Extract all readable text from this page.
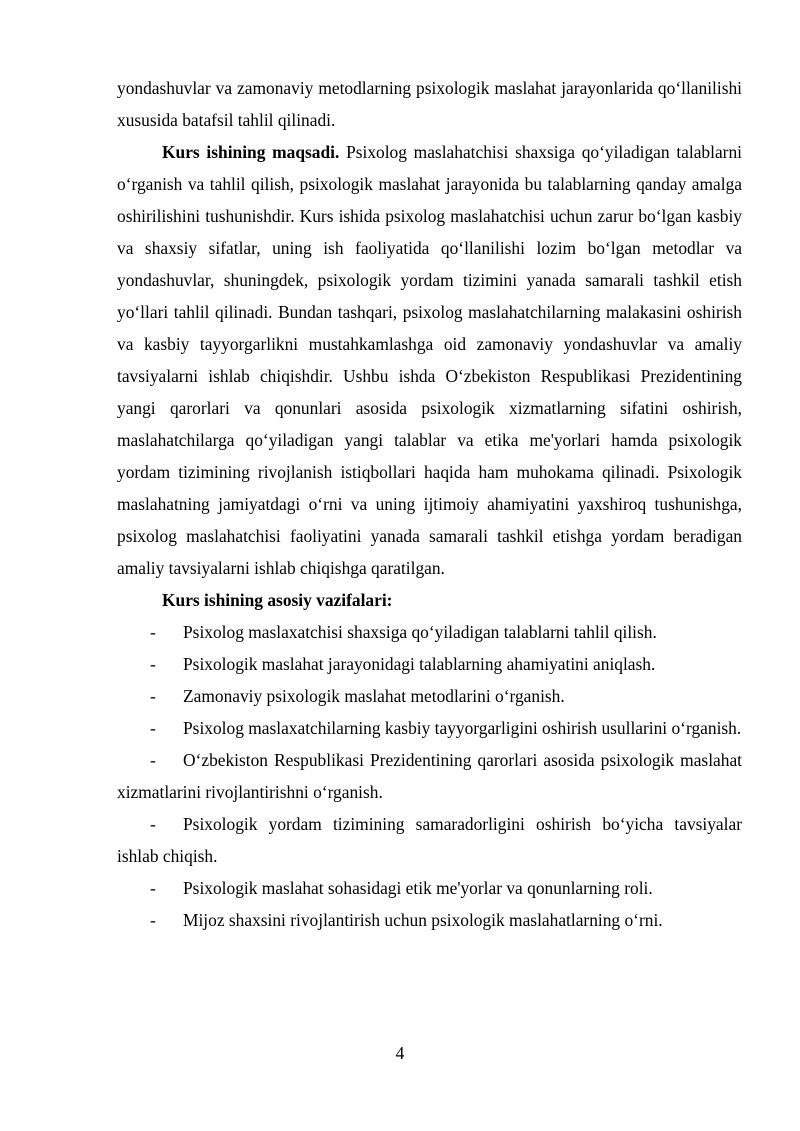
yondashuvlar va zamonaviy metodlarning psixologik maslahat jarayonlarida qo‘llanilishi xususida batafsil tahlil qilinadi.

Kurs ishining maqsadi. Psixolog maslahatchisi shaxsiga qo‘yiladigan talablarni o‘rganish va tahlil qilish, psixologik maslahat jarayonida bu talablarning qanday amalga oshirilishini tushunishdir. Kurs ishida psixolog maslahatchisi uchun zarur bo‘lgan kasbiy va shaxsiy sifatlar, uning ish faoliyatida qo‘llanilishi lozim bo‘lgan metodlar va yondashuvlar, shuningdek, psixologik yordam tizimini yanada samarali tashkil etish yo‘llari tahlil qilinadi. Bundan tashqari, psixolog maslahatchilarning malakasini oshirish va kasbiy tayyorgarlikni mustahkamlashga oid zamonaviy yondashuvlar va amaliy tavsiyalarni ishlab chiqishdir. Ushbu ishda O‘zbekiston Respublikasi Prezidentining yangi qarorlari va qonunlari asosida psixologik xizmatlarning sifatini oshirish, maslahatchilarga qo‘yiladigan yangi talablar va etika me'yorlari hamda psixologik yordam tizimining rivojlanish istiqbollari haqida ham muhokama qilinadi. Psixologik maslahatning jamiyatdagi o‘rni va uning ijtimoiy ahamiyatini yaxshiroq tushunishga, psixolog maslahatchisi faoliyatini yanada samarali tashkil etishga yordam beradigan amaliy tavsiyalarni ishlab chiqishga qaratilgan.

Kurs ishining asosiy vazifalari:

- Psixolog maslaxatchisi shaxsiga qo‘yiladigan talablarni tahlil qilish.
- Psixologik maslahat jarayonidagi talablarning ahamiyatini aniqlash.
- Zamonaviy psixologik maslahat metodlarini o‘rganish.
- Psixolog maslaxatchilarning kasbiy tayyorgarligini oshirish usullarini o‘rganish.
- O‘zbekiston Respublikasi Prezidentining qarorlari asosida psixologik maslahat xizmatlarini rivojlantirishni o‘rganish.
- Psixologik yordam tizimining samaradorligini oshirish bo‘yicha tavsiyalar ishlab chiqish.
- Psixologik maslahat sohasidagi etik me'yorlar va qonunlarning roli.
- Mijoz shaxsini rivojlantirish uchun psixologik maslahatlarning o‘rni.
4
